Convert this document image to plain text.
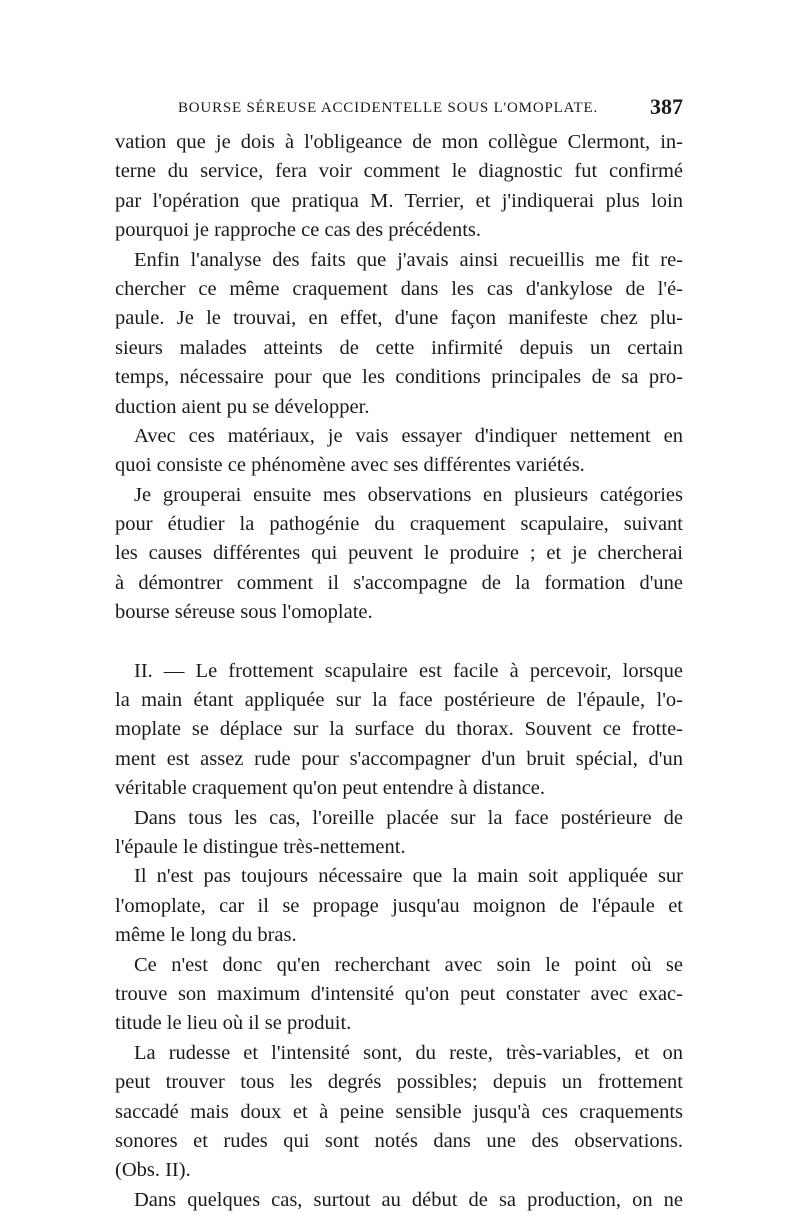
BOURSE SÉREUSE ACCIDENTELLE SOUS L'OMOPLATE. 387
vation que je dois à l'obligeance de mon collègue Clermont, in-
terne du service, fera voir comment le diagnostic fut confirmé
par l'opération que pratiqua M. Terrier, et j'indiquerai plus loin
pourquoi je rapproche ce cas des précédents.
Enfin l'analyse des faits que j'avais ainsi recueillis me fit re-
chercher ce même craquement dans les cas d'ankylose de l'é-
paule. Je le trouvai, en effet, d'une façon manifeste chez plu-
sieurs malades atteints de cette infirmité depuis un certain
temps, nécessaire pour que les conditions principales de sa pro-
duction aient pu se développer.
Avec ces matériaux, je vais essayer d'indiquer nettement en
quoi consiste ce phénomène avec ses différentes variétés.
Je grouperai ensuite mes observations en plusieurs catégories
pour étudier la pathogénie du craquement scapulaire, suivant
les causes différentes qui peuvent le produire ; et je chercherai
à démontrer comment il s'accompagne de la formation d'une
bourse séreuse sous l'omoplate.
II. — Le frottement scapulaire est facile à percevoir, lorsque
la main étant appliquée sur la face postérieure de l'épaule, l'o-
moplate se déplace sur la surface du thorax. Souvent ce frotte-
ment est assez rude pour s'accompagner d'un bruit spécial, d'un
véritable craquement qu'on peut entendre à distance.
Dans tous les cas, l'oreille placée sur la face postérieure de
l'épaule le distingue très-nettement.
Il n'est pas toujours nécessaire que la main soit appliquée sur
l'omoplate, car il se propage jusqu'au moignon de l'épaule et
même le long du bras.
Ce n'est donc qu'en recherchant avec soin le point où se
trouve son maximum d'intensité qu'on peut constater avec exac-
titude le lieu où il se produit.
La rudesse et l'intensité sont, du reste, très-variables, et on
peut trouver tous les degrés possibles; depuis un frottement
saccadé mais doux et à peine sensible jusqu'à ces craquements
sonores et rudes qui sont notés dans une des observations.
(Obs. II).
Dans quelques cas, surtout au début de sa production, on ne
